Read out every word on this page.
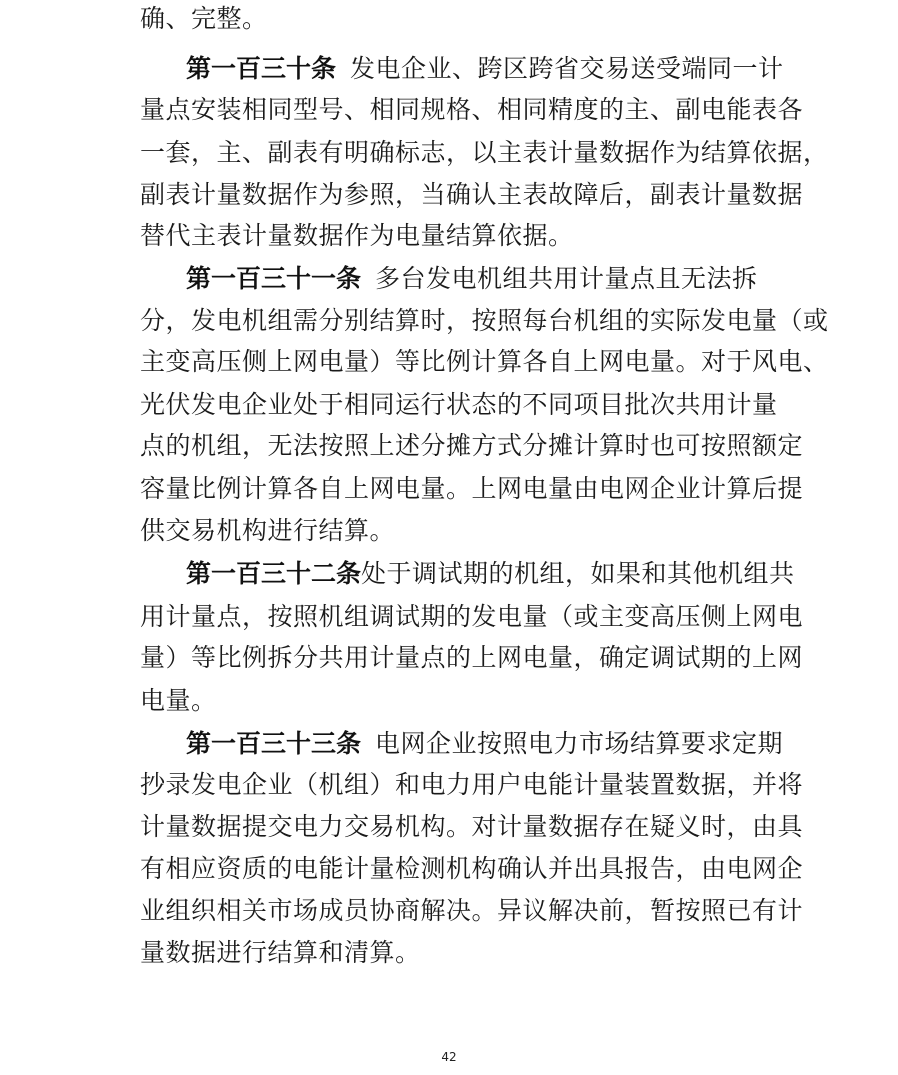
确、完整。
第一百三十条 发电企业、跨区跨省交易送受端同一计
量点安装相同型号、相同规格、相同精度的主、副电能表各
一套，主、副表有明确标志，以主表计量数据作为结算依据，
副表计量数据作为参照，当确认主表故障后，副表计量数据
替代主表计量数据作为电量结算依据。
第一百三十一条 多台发电机组共用计量点且无法拆
分，发电机组需分别结算时，按照每台机组的实际发电量（或
主变高压侧上网电量）等比例计算各自上网电量。对于风电、
光伏发电企业处于相同运行状态的不同项目批次共用计量
点的机组，无法按照上述分摊方式分摊计算时也可按照额定
容量比例计算各自上网电量。上网电量由电网企业计算后提
供交易机构进行结算。
第一百三十二条处于调试期的机组，如果和其他机组共
用计量点，按照机组调试期的发电量（或主变高压侧上网电
量）等比例拆分共用计量点的上网电量，确定调试期的上网
电量。
第一百三十三条 电网企业按照电力市场结算要求定期
抄录发电企业（机组）和电力用户电能计量装置数据，并将
计量数据提交电力交易机构。对计量数据存在疑义时，由具
有相应资质的电能计量检测机构确认并出具报告，由电网企
业组织相关市场成员协商解决。异议解决前，暂按照已有计
量数据进行结算和清算。
42
